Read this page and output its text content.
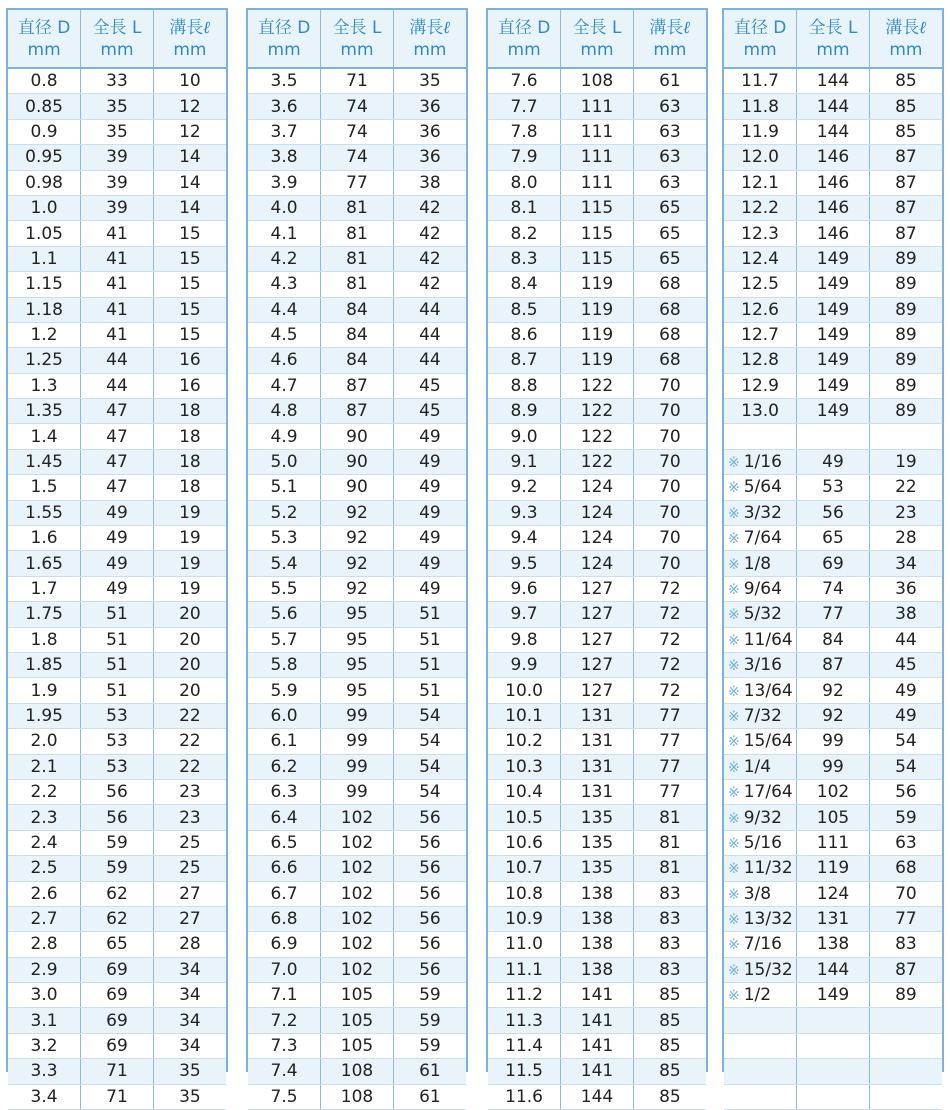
直径 D
mm	全長 L
mm	溝長ℓ
mm
0.8	33	10
0.85	35	12
0.9	35	12
0.95	39	14
0.98	39	14
1.0	39	14
1.05	41	15
1.1	41	15
1.15	41	15
1.18	41	15
1.2	41	15
1.25	44	16
1.3	44	16
1.35	47	18
1.4	47	18
1.45	47	18
1.5	47	18
1.55	49	19
1.6	49	19
1.65	49	19
1.7	49	19
1.75	51	20
1.8	51	20
1.85	51	20
1.9	51	20
1.95	53	22
2.0	53	22
2.1	53	22
2.2	56	23
2.3	56	23
2.4	59	25
2.5	59	25
2.6	62	27
2.7	62	27
2.8	65	28
2.9	69	34
3.0	69	34
3.1	69	34
3.2	69	34
3.3	71	35
3.4	71	35
直径 D
mm	全長 L
mm	溝長ℓ
mm
3.5	71	35
3.6	74	36
3.7	74	36
3.8	74	36
3.9	77	38
4.0	81	42
4.1	81	42
4.2	81	42
4.3	81	42
4.4	84	44
4.5	84	44
4.6	84	44
4.7	87	45
4.8	87	45
4.9	90	49
5.0	90	49
5.1	90	49
5.2	92	49
5.3	92	49
5.4	92	49
5.5	92	49
5.6	95	51
5.7	95	51
5.8	95	51
5.9	95	51
6.0	99	54
6.1	99	54
6.2	99	54
6.3	99	54
6.4	102	56
6.5	102	56
6.6	102	56
6.7	102	56
6.8	102	56
6.9	102	56
7.0	102	56
7.1	105	59
7.2	105	59
7.3	105	59
7.4	108	61
7.5	108	61
直径 D
mm	全長 L
mm	溝長ℓ
mm
7.6	108	61
7.7	111	63
7.8	111	63
7.9	111	63
8.0	111	63
8.1	115	65
8.2	115	65
8.3	115	65
8.4	119	68
8.5	119	68
8.6	119	68
8.7	119	68
8.8	122	70
8.9	122	70
9.0	122	70
9.1	122	70
9.2	124	70
9.3	124	70
9.4	124	70
9.5	124	70
9.6	127	72
9.7	127	72
9.8	127	72
9.9	127	72
10.0	127	72
10.1	131	77
10.2	131	77
10.3	131	77
10.4	131	77
10.5	135	81
10.6	135	81
10.7	135	81
10.8	138	83
10.9	138	83
11.0	138	83
11.1	138	83
11.2	141	85
11.3	141	85
11.4	141	85
11.5	141	85
11.6	144	85
直径 D
mm	全長 L
mm	溝長ℓ
mm
11.7	144	85
11.8	144	85
11.9	144	85
12.0	146	87
12.1	146	87
12.2	146	87
12.3	146	87
12.4	149	89
12.5	149	89
12.6	149	89
12.7	149	89
12.8	149	89
12.9	149	89
13.0	149	89

※ 1/16	49	19
※ 5/64	53	22
※ 3/32	56	23
※ 7/64	65	28
※ 1/8	69	34
※ 9/64	74	36
※ 5/32	77	38
※ 11/64	84	44
※ 3/16	87	45
※ 13/64	92	49
※ 7/32	92	49
※ 15/64	99	54
※ 1/4	99	54
※ 17/64	102	56
※ 9/32	105	59
※ 5/16	111	63
※ 11/32	119	68
※ 3/8	124	70
※ 13/32	131	77
※ 7/16	138	83
※ 15/32	144	87
※ 1/2	149	89
